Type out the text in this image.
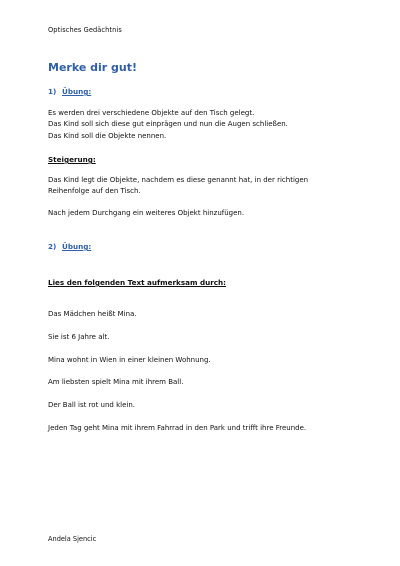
Optisches Gedächtnis
Merke dir gut!
1) Übung:
Es werden drei verschiedene Objekte auf den Tisch gelegt.
Das Kind soll sich diese gut einprägen und nun die Augen schließen.
Das Kind soll die Objekte nennen.
Steigerung:
Das Kind legt die Objekte, nachdem es diese genannt hat, in der richtigen
Reihenfolge auf den Tisch.
Nach jedem Durchgang ein weiteres Objekt hinzufügen.
2) Übung:
Lies den folgenden Text aufmerksam durch:
Das Mädchen heißt Mina.
Sie ist 6 Jahre alt.
Mina wohnt in Wien in einer kleinen Wohnung.
Am liebsten spielt Mina mit ihrem Ball.
Der Ball ist rot und klein.
Jeden Tag geht Mina mit ihrem Fahrrad in den Park und trifft ihre Freunde.
Andela Sjencic
